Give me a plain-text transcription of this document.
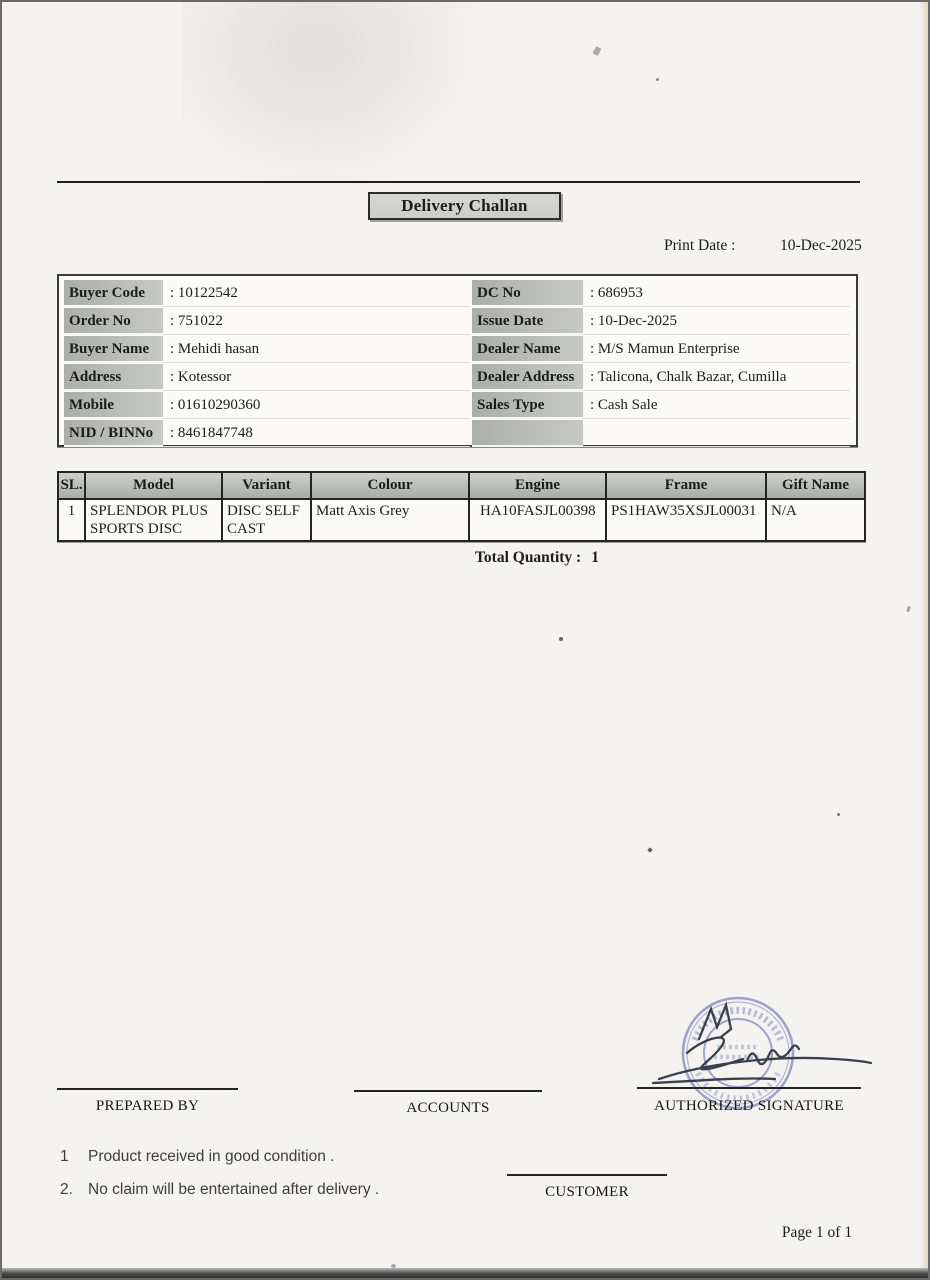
Delivery Challan
Print Date :	10-Dec-2025
Buyer Code	: 10122542
Order No	: 751022
Buyer Name	: Mehidi hasan
Address	: Kotessor
Mobile	: 01610290360
NID / BINNo	: 8461847748
DC No	: 686953
Issue Date	: 10-Dec-2025
Dealer Name	: M/S Mamun Enterprise
Dealer Address	: Talicona, Chalk Bazar, Cumilla
Sales Type	: Cash Sale
SL.	Model	Variant	Colour	Engine	Frame	Gift Name
1	SPLENDOR PLUS SPORTS DISC	DISC SELF CAST	Matt Axis Grey	HA10FASJL00398	PS1HAW35XSJL00031	N/A
Total Quantity : 1
PREPARED BY	ACCOUNTS	AUTHORIZED SIGNATURE
1	Product received in good condition .
2. No claim will be entertained after delivery .	CUSTOMER
Page 1 of 1
